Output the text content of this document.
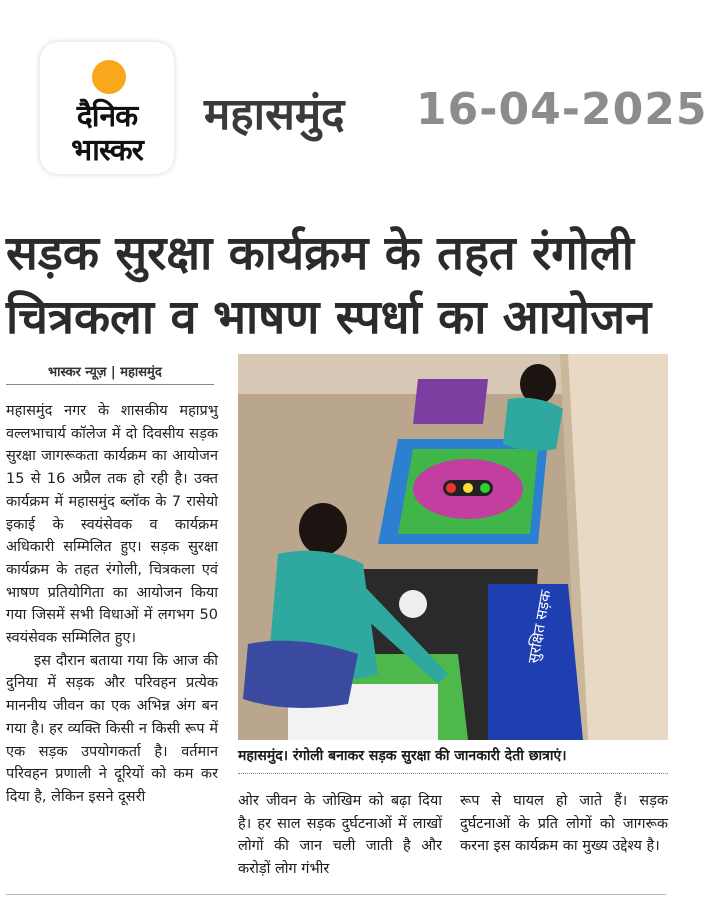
दैनिक
भास्कर
महासमुंद 16-04-2025
सड़क सुरक्षा कार्यक्रम के तहत रंगोली
चित्रकला व भाषण स्पर्धा का आयोजन
भास्कर न्यूज़ | महासमुंद

महासमुंद नगर के शासकीय महाप्रभु वल्लभाचार्य कॉलेज में दो दिवसीय सड़क सुरक्षा जागरूकता कार्यक्रम का आयोजन 15 से 16 अप्रैल तक हो रही है। उक्त कार्यक्रम में महासमुंद ब्लॉक के 7 रासेयो इकाई के स्वयंसेवक व कार्यक्रम अधिकारी सम्मिलित हुए। सड़क सुरक्षा कार्यक्रम के तहत रंगोली, चित्रकला एवं भाषण प्रतियोगिता का आयोजन किया गया जिसमें सभी विधाओं में लगभग 50 स्वयंसेवक सम्मिलित हुए।

इस दौरान बताया गया कि आज की दुनिया में सड़क और परिवहन प्रत्येक माननीय जीवन का एक अभिन्न अंग बन गया है। हर व्यक्ति किसी न किसी रूप में एक सड़क उपयोगकर्ता है। वर्तमान परिवहन प्रणाली ने दूरियों को कम कर दिया है, लेकिन इसने दूसरी

सुरक्षित सड़क
महासमुंद। रंगोली बनाकर सड़क सुरक्षा की जानकारी देती छात्राएं।
ओर जीवन के जोखिम को बढ़ा दिया है। हर साल सड़क दुर्घटनाओं में लाखों लोगों की जान चली जाती है और करोड़ों लोग गंभीर
रूप से घायल हो जाते हैं। सड़क दुर्घटनाओं के प्रति लोगों को जागरूक करना इस कार्यक्रम का मुख्य उद्देश्य है।
